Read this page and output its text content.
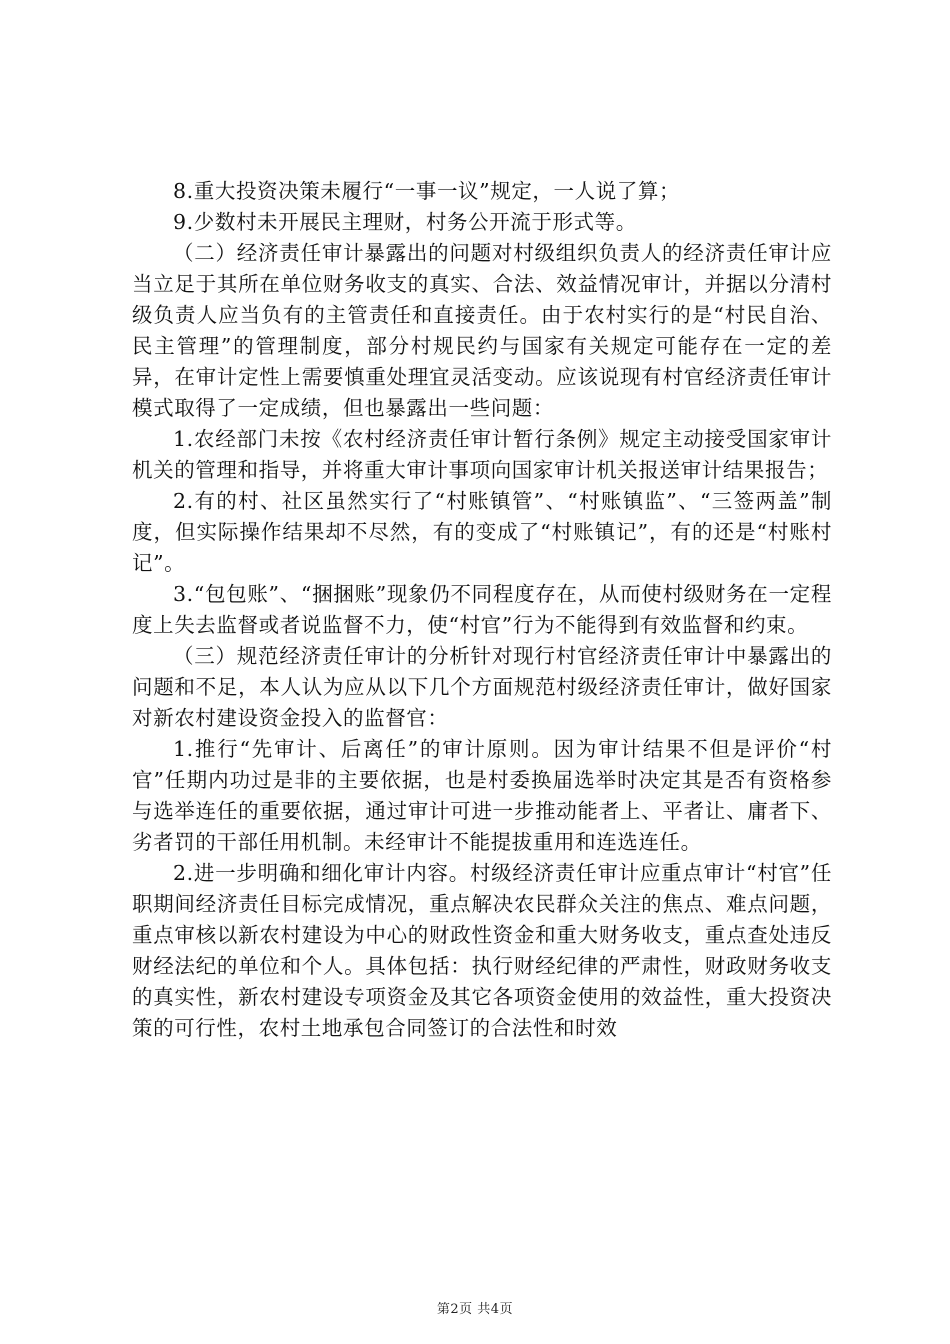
8.重大投资决策未履行“一事一议”规定，一人说了算；

9.少数村未开展民主理财，村务公开流于形式等。

（二）经济责任审计暴露出的问题对村级组织负责人的经济责任审计应当立足于其所在单位财务收支的真实、合法、效益情况审计，并据以分清村级负责人应当负有的主管责任和直接责任。由于农村实行的是“村民自治、民主管理”的管理制度，部分村规民约与国家有关规定可能存在一定的差异，在审计定性上需要慎重处理宜灵活变动。应该说现有村官经济责任审计模式取得了一定成绩，但也暴露出一些问题：

1.农经部门未按《农村经济责任审计暂行条例》规定主动接受国家审计机关的管理和指导，并将重大审计事项向国家审计机关报送审计结果报告；

2.有的村、社区虽然实行了“村账镇管”、“村账镇监”、“三签两盖”制度，但实际操作结果却不尽然，有的变成了“村账镇记”，有的还是“村账村记”。

3.“包包账”、“捆捆账”现象仍不同程度存在，从而使村级财务在一定程度上失去监督或者说监督不力，使“村官”行为不能得到有效监督和约束。

（三）规范经济责任审计的分析针对现行村官经济责任审计中暴露出的问题和不足，本人认为应从以下几个方面规范村级经济责任审计，做好国家对新农村建设资金投入的监督官：

1.推行“先审计、后离任”的审计原则。因为审计结果不但是评价“村官”任期内功过是非的主要依据，也是村委换届选举时决定其是否有资格参与选举连任的重要依据，通过审计可进一步推动能者上、平者让、庸者下、劣者罚的干部任用机制。未经审计不能提拔重用和连选连任。

2.进一步明确和细化审计内容。村级经济责任审计应重点审计“村官”任职期间经济责任目标完成情况，重点解决农民群众关注的焦点、难点问题，重点审核以新农村建设为中心的财政性资金和重大财务收支，重点查处违反财经法纪的单位和个人。具体包括：执行财经纪律的严肃性，财政财务收支的真实性，新农村建设专项资金及其它各项资金使用的效益性，重大投资决策的可行性，农村土地承包合同签订的合法性和时效

第2页 共4页
